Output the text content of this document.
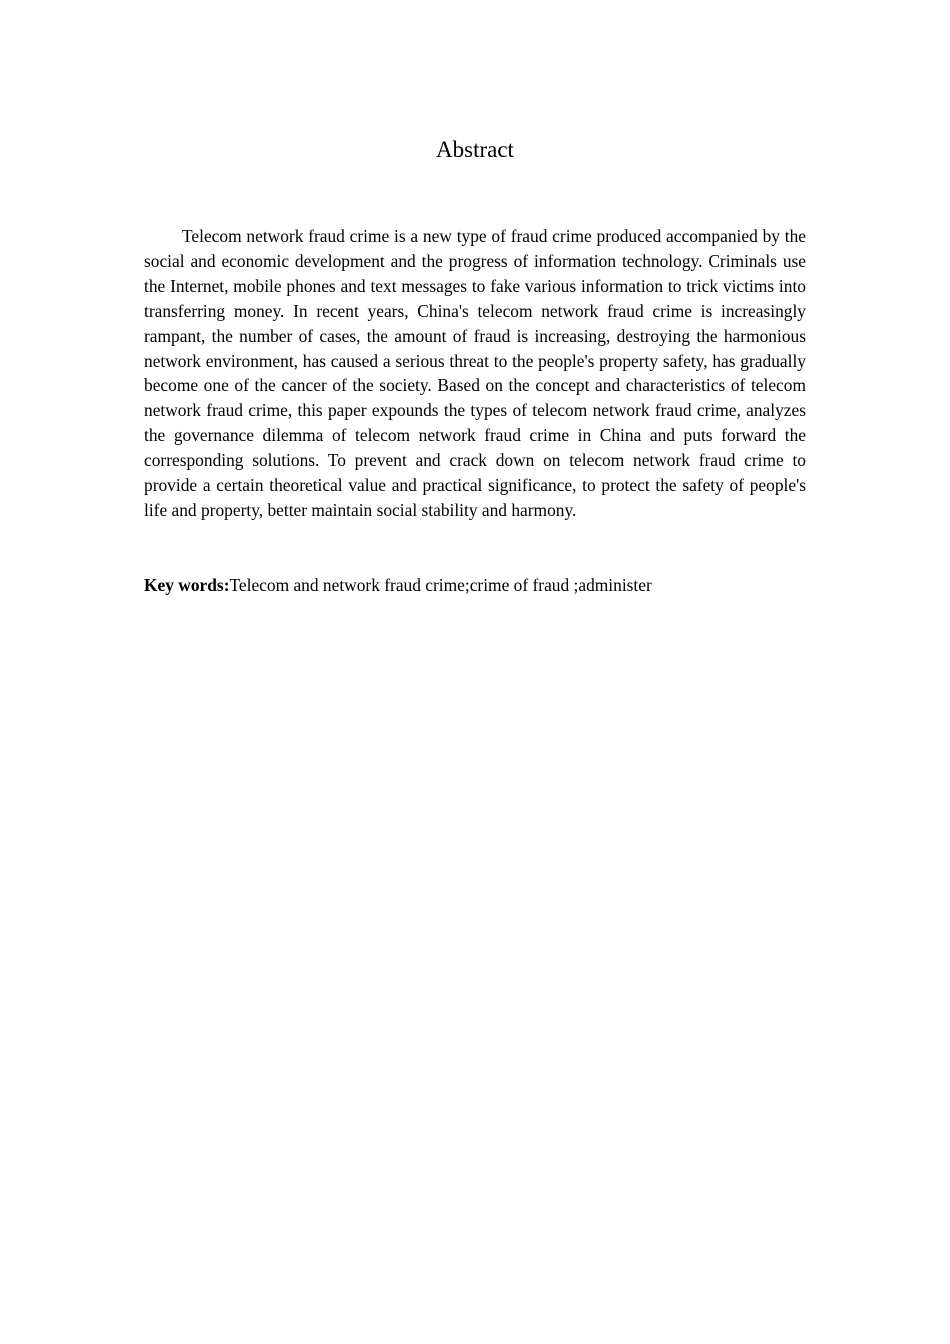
Abstract

Telecom network fraud crime is a new type of fraud crime produced accompanied by the social and economic development and the progress of information technology. Criminals use the Internet, mobile phones and text messages to fake various information to trick victims into transferring money. In recent years, China's telecom network fraud crime is increasingly rampant, the number of cases, the amount of fraud is increasing, destroying the harmonious network environment, has caused a serious threat to the people's property safety, has gradually become one of the cancer of the society. Based on the concept and characteristics of telecom network fraud crime, this paper expounds the types of telecom network fraud crime, analyzes the governance dilemma of telecom network fraud crime in China and puts forward the corresponding solutions. To prevent and crack down on telecom network fraud crime to provide a certain theoretical value and practical significance, to protect the safety of people's life and property, better maintain social stability and harmony.

Key words:Telecom and network fraud crime;crime of fraud ;administer
